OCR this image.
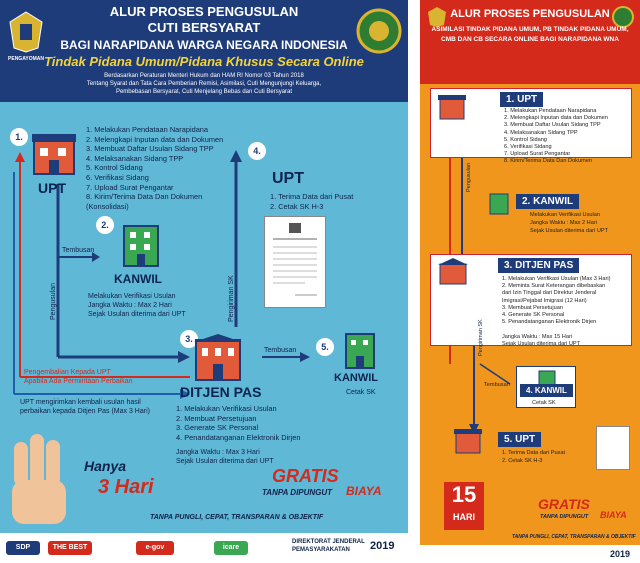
PENGAYOMAN
ALUR PROSES PENGUSULAN
CUTI BERSYARAT
BAGI NARAPIDANA WARGA NEGARA INDONESIA
Tindak Pidana Umum/Pidana Khusus Secara Online
Berdasarkan Peraturan Menteri Hukum dan HAM RI Nomor 03 Tahun 2018
Tentang Syarat dan Tata Cara Pemberian Remisi, Asimilasi, Cuti Mengunjungi Keluarga,
Pembebasan Bersyarat, Cuti Menjelang Bebas dan Cuti Bersyarat
1.
UPT
1. Melakukan Pendataan Narapidana
2. Melengkapi Inputan data dan Dokumen
3. Membuat Daftar Usulan Sidang TPP
4. Melaksanakan Sidang TPP
5. Kontrol Sidang
6. Verifikasi Sidang
7. Upload Surat Pengantar
8. Kirim/Terima Data Dan Dokumen
(Konsolidasi)
4.
UPT
1. Terima Data dari Pusat
2. Cetak SK H-3
Pengiriman SK
2.
KANWIL
Tembusan
Melakukan Verifikasi Usulan
Jangka Waktu : Max 2 Hari
Sejak Usulan diterima dari UPT
Pengusulan
3.
DITJEN PAS
1. Melakukan Verifikasi Usulan
2. Membuat Persetujuan
3. Generate SK Personal
4. Penandatanganan Elektronik Dirjen
Jangka Waktu : Max 3 Hari
Sejak Usulan diterima dari UPT
Tembusan	5.
KANWIL
Cetak SK
Pengembalian Kepada UPT
Apabila Ada Permintaan Perbaikan
UPT mengirimkan kembali usulan hasil
perbaikan kepada Ditjen Pas (Max 3 Hari)
Hanya
3 Hari	GRATIS
TANPA DIPUNGUT BIAYA
TANPA PUNGLI, CEPAT, TRANSPARAN & OBJEKTIF
SDP	THE BEST	e-gov	icare
DIREKTORAT JENDERAL
PEMASYARAKATAN 2019
ALUR PROSES PENGUSULAN
ASIMILASI TINDAK PIDANA UMUM, PB TINDAK PIDANA UMUM,
CMB DAN CB SECARA ONLINE BAGI NARAPIDANA WNA
1. UPT
1. Melakukan Pendataan Narapidana
2. Melengkapi Inputan data dan Dokumen
3. Membuat Daftar Usulan Sidang TPP
4. Melaksanakan Sidang TPP
5. Kontrol Sidang
6. Verifikasi Sidang
7. Upload Surat Pengantar
8. Kirim/Terima Data Dan Dokumen
2. KANWIL
Melakukan Verifikasi Usulan
Jangka Waktu : Max 2 Hari
Sejak Usulan diterima dari UPT
3. DITJEN PAS
1. Melakukan Verifikasi Usulan (Max 3 Hari)
2. Meminta Surat Keterangan dibebaskan
dari Izin Tinggal dari Direktur Jenderal
Imigrasi/Pejabat Imigrasi (12 Hari)
3. Membuat Persetujuan
4. Generate SK Personal
5. Penandatanganan Elektronik Dirjen
Jangka Waktu : Max 15 Hari
Sejak Usulan diterima dari UPT
Tembusan
4. KANWIL
Cetak SK
5. UPT
1. Terima Data dari Pusat
2. Cetak SK H-3
Pengusulan
Pengiriman SK
15
HARI
GRATIS
TANPA DIPUNGUT BIAYA
TANPA PUNGLI, CEPAT, TRANSPARAN & OBJEKTIF
2019
